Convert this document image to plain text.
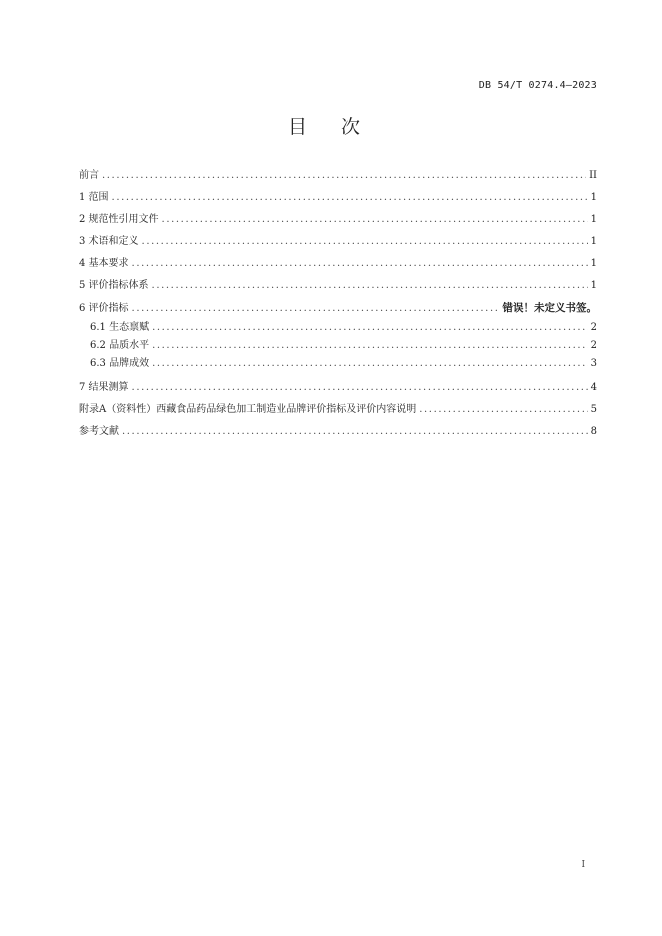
DB 54/T 0274.4—2023
目 次
前言 .....	II
1 范围 .....	1
2 规范性引用文件 .....	1
3 术语和定义 .....	1
4 基本要求 .....	1
5 评价指标体系 .....	1
6 评价指标 .....	错误！未定义书签。
6.1 生态禀赋 .....	2
6.2 品质水平 .....	2
6.3 品牌成效 .....	3
7 结果测算 .....	4
附录A（资料性）西藏食品药品绿色加工制造业品牌评价指标及评价内容说明 .....	5
参考文献 .....	8
I
